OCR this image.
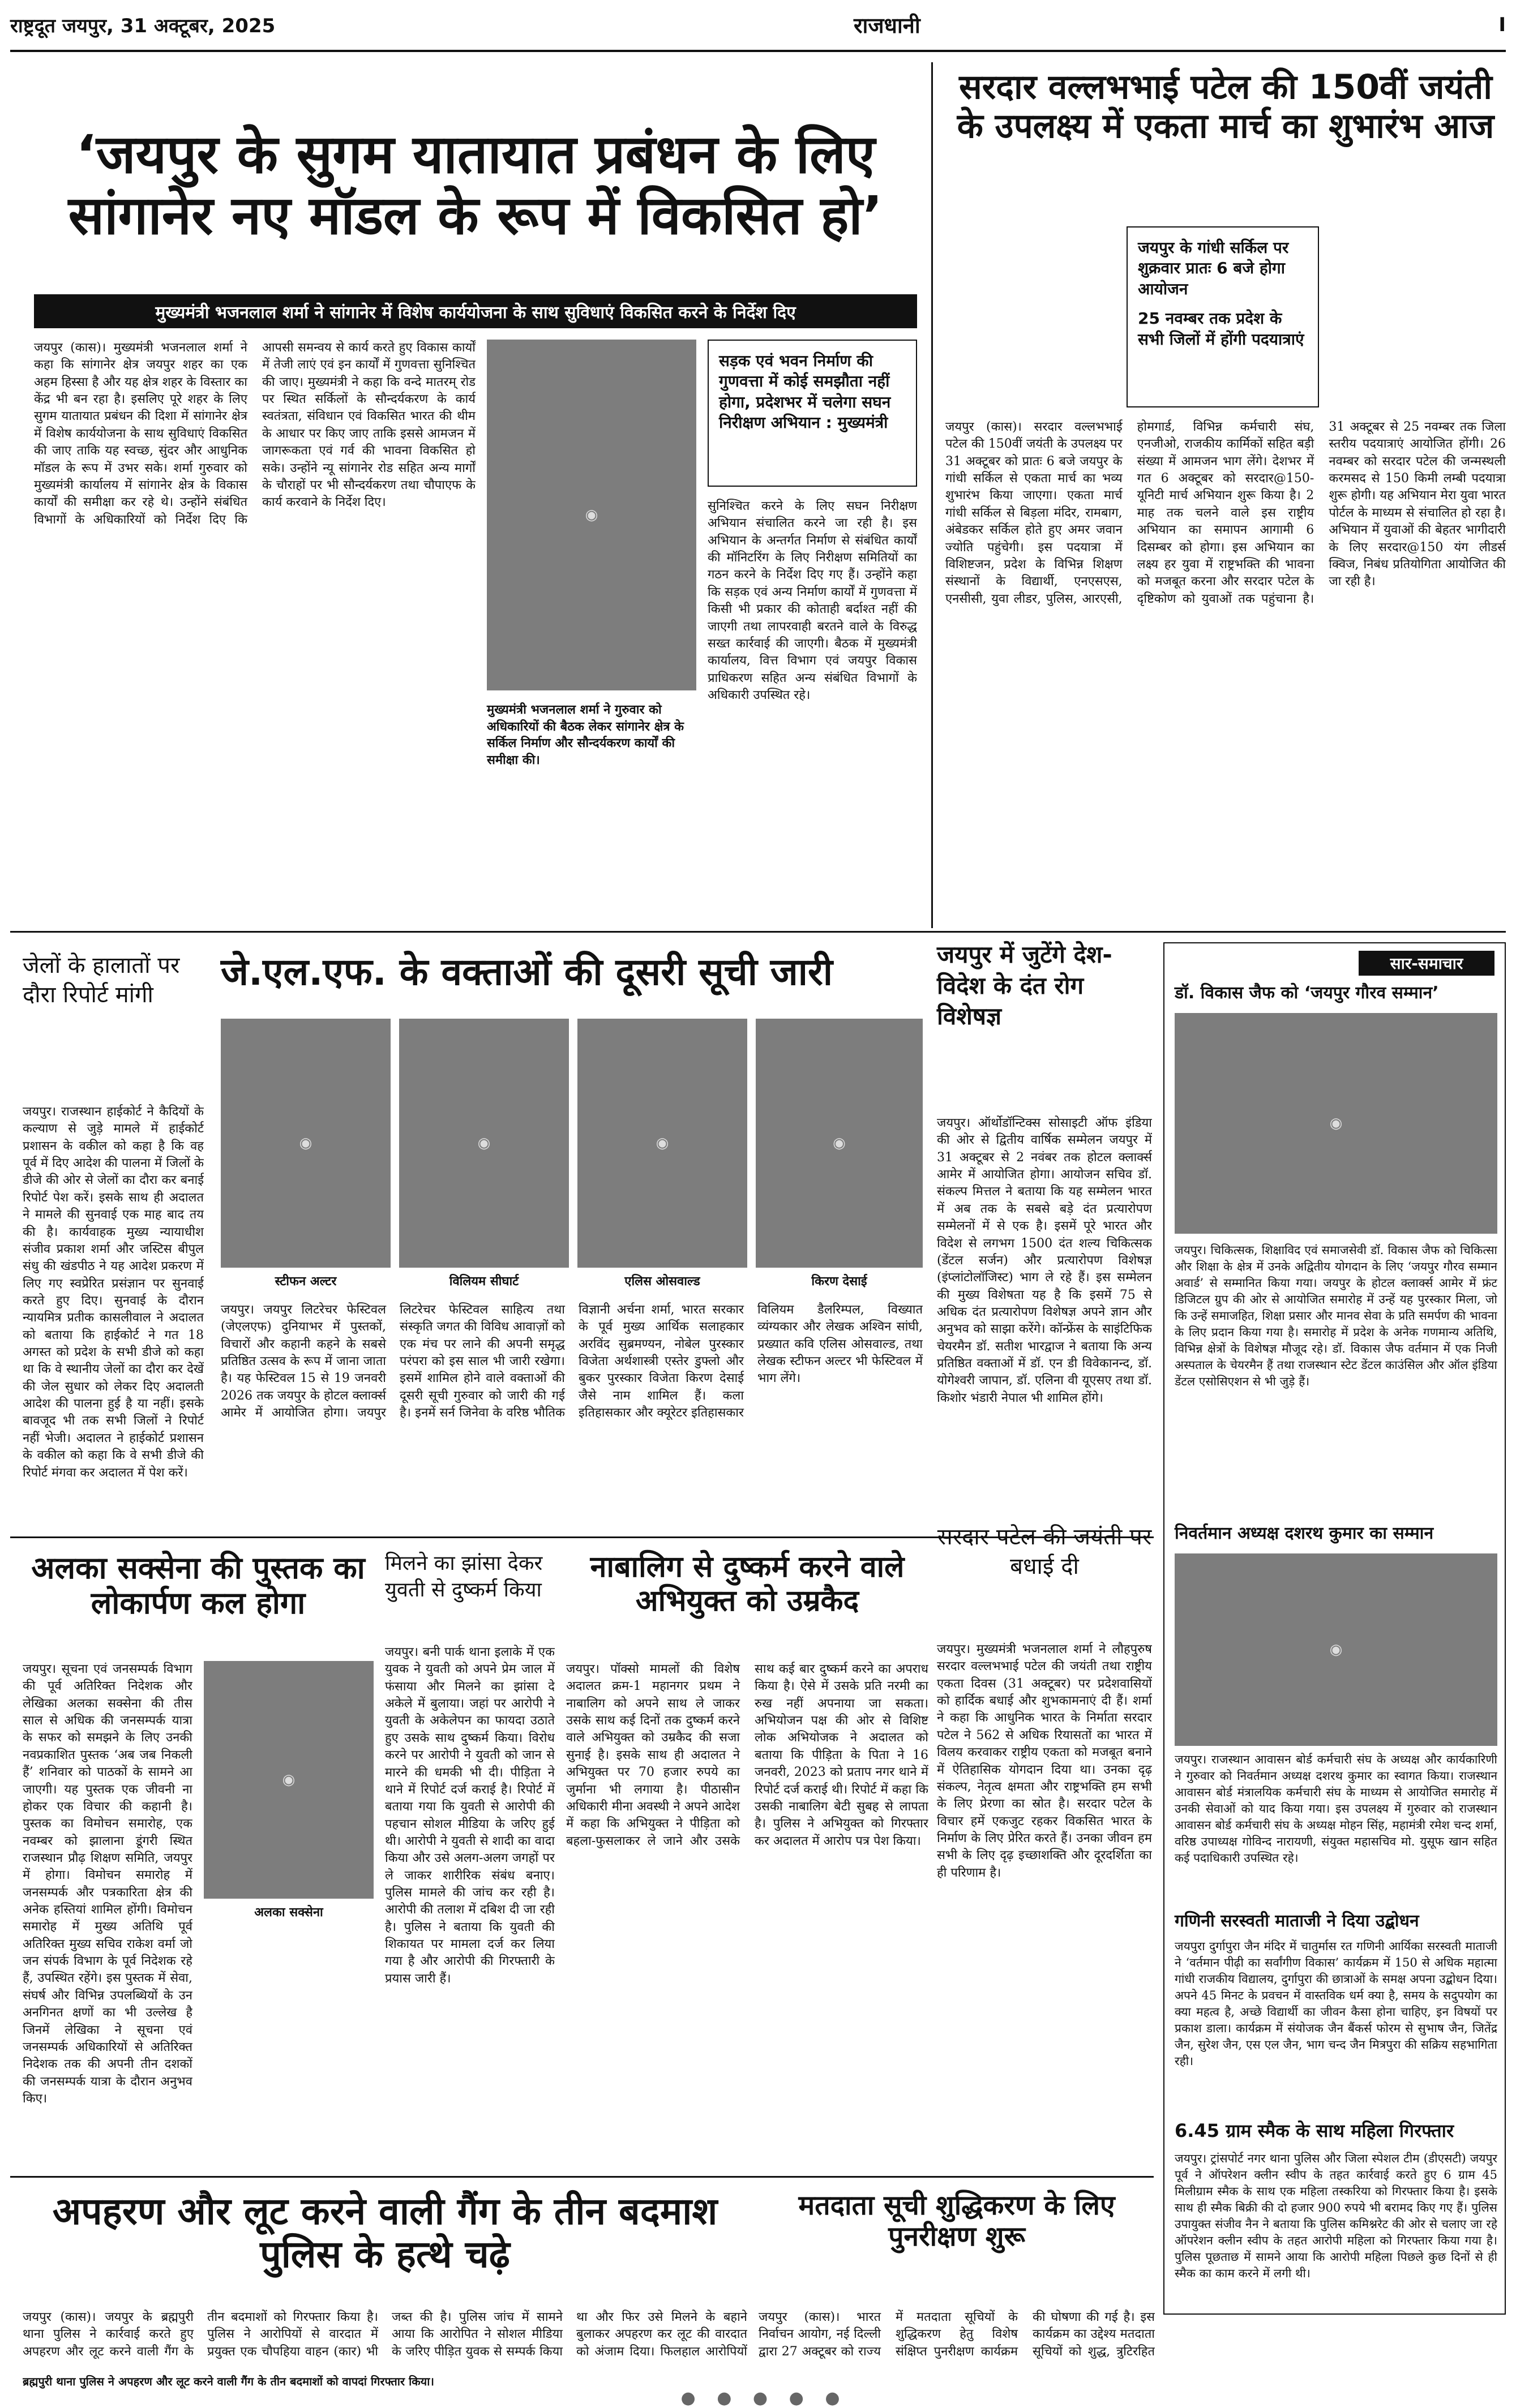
राष्ट्रदूत जयपुर, 31 अक्टूबर, 2025	राजधानी	I
‘जयपुर के सुगम यातायात प्रबंधन के लिए सांगानेर नए मॉडल के रूप में विकसित हो’
मुख्यमंत्री भजनलाल शर्मा ने सांगानेर में विशेष कार्ययोजना के साथ सुविधाएं विकसित करने के निर्देश दिए
जयपुर (कास)। मुख्यमंत्री भजनलाल शर्मा ने कहा कि सांगानेर क्षेत्र जयपुर शहर का एक अहम हिस्सा है और यह क्षेत्र शहर के विस्तार का केंद्र भी बन रहा है। इसलिए पूरे शहर के लिए सुगम यातायात प्रबंधन की दिशा में सांगानेर क्षेत्र में विशेष कार्ययोजना के साथ सुविधाएं विकसित की जाए ताकि यह स्वच्छ, सुंदर और आधुनिक मॉडल के रूप में उभर सके। शर्मा गुरुवार को मुख्यमंत्री कार्यालय में सांगानेर क्षेत्र के विकास कार्यों की समीक्षा कर रहे थे। उन्होंने संबंधित विभागों के अधिकारियों को निर्देश दिए कि आपसी समन्वय से कार्य करते हुए विकास कार्यों में तेजी लाएं एवं इन कार्यों में गुणवत्ता सुनिश्चित की जाए। मुख्यमंत्री ने कहा कि वन्दे मातरम् रोड पर स्थित सर्किलों के सौन्दर्यकरण के कार्य स्वतंत्रता, संविधान एवं विकसित भारत की थीम के आधार पर किए जाए ताकि इससे आमजन में जागरूकता एवं गर्व की भावना विकसित हो सके। उन्होंने न्यू सांगानेर रोड सहित अन्य मार्गों के चौराहों पर भी सौन्दर्यकरण तथा चौपाएफ के कार्य करवाने के निर्देश दिए।
◉
सड़क एवं भवन निर्माण की गुणवत्ता में कोई समझौता नहीं होगा, प्रदेशभर में चलेगा सघन निरीक्षण अभियान : मुख्यमंत्री
सुनिश्चित करने के लिए सघन निरीक्षण अभियान संचालित करने जा रही है। इस अभियान के अन्तर्गत निर्माण से संबंधित कार्यों की मॉनिटरिंग के लिए निरीक्षण समितियों का गठन करने के निर्देश दिए गए हैं। उन्होंने कहा कि सड़क एवं अन्य निर्माण कार्यों में गुणवत्ता में किसी भी प्रकार की कोताही बर्दाश्त नहीं की जाएगी तथा लापरवाही बरतने वाले के विरुद्ध सख्त कार्रवाई की जाएगी। बैठक में मुख्यमंत्री कार्यालय, वित्त विभाग एवं जयपुर विकास प्राधिकरण सहित अन्य संबंधित विभागों के अधिकारी उपस्थित रहे।
मुख्यमंत्री भजनलाल शर्मा ने गुरुवार को अधिकारियों की बैठक लेकर सांगानेर क्षेत्र के सर्किल निर्माण और सौन्दर्यकरण कार्यों की समीक्षा की।
सरदार वल्लभभाई पटेल की 150वीं जयंती के उपलक्ष्य में एकता मार्च का शुभारंभ आज
जयपुर के गांधी सर्किल पर शुक्रवार प्रातः 6 बजे होगा आयोजन
25 नवम्बर तक प्रदेश के सभी जिलों में होंगी पदयात्राएं
जयपुर (कास)। सरदार वल्लभभाई पटेल की 150वीं जयंती के उपलक्ष्य पर 31 अक्टूबर को प्रातः 6 बजे जयपुर के गांधी सर्किल से एकता मार्च का भव्य शुभारंभ किया जाएगा। एकता मार्च गांधी सर्किल से बिड़ला मंदिर, रामबाग, अंबेडकर सर्किल होते हुए अमर जवान ज्योति पहुंचेगी। इस पदयात्रा में विशिष्टजन, प्रदेश के विभिन्न शिक्षण संस्थानों के विद्यार्थी, एनएसएस, एनसीसी, युवा लीडर, पुलिस, आरएसी, होमगार्ड, विभिन्न कर्मचारी संघ, एनजीओ, राजकीय कार्मिकों सहित बड़ी संख्या में आमजन भाग लेंगे। देशभर में गत 6 अक्टूबर को सरदार@150-यूनिटी मार्च अभियान शुरू किया है। 2 माह तक चलने वाले इस राष्ट्रीय अभियान का समापन आगामी 6 दिसम्बर को होगा। इस अभियान का लक्ष्य हर युवा में राष्ट्रभक्ति की भावना को मजबूत करना और सरदार पटेल के दृष्टिकोण को युवाओं तक पहुंचाना है। 31 अक्टूबर से 25 नवम्बर तक जिला स्तरीय पदयात्राएं आयोजित होंगी। 26 नवम्बर को सरदार पटेल की जन्मस्थली करमसद से 150 किमी लम्बी पदयात्रा शुरू होगी। यह अभियान मेरा युवा भारत पोर्टल के माध्यम से संचालित हो रहा है। अभियान में युवाओं की बेहतर भागीदारी के लिए सरदार@150 यंग लीडर्स क्विज, निबंध प्रतियोगिता आयोजित की जा रही है।
जेलों के हालातों पर दौरा रिपोर्ट मांगी
जयपुर। राजस्थान हाईकोर्ट ने कैदियों के कल्याण से जुड़े मामले में हाईकोर्ट प्रशासन के वकील को कहा है कि वह पूर्व में दिए आदेश की पालना में जिलों के डीजे की ओर से जेलों का दौरा कर बनाई रिपोर्ट पेश करें। इसके साथ ही अदालत ने मामले की सुनवाई एक माह बाद तय की है। कार्यवाहक मुख्य न्यायाधीश संजीव प्रकाश शर्मा और जस्टिस बीपुल संधु की खंडपीठ ने यह आदेश प्रकरण में लिए गए स्वप्रेरित प्रसंज्ञान पर सुनवाई करते हुए दिए। सुनवाई के दौरान न्यायमित्र प्रतीक कासलीवाल ने अदालत को बताया कि हाईकोर्ट ने गत 18 अगस्त को प्रदेश के सभी डीजे को कहा था कि वे स्थानीय जेलों का दौरा कर देखें की जेल सुधार को लेकर दिए अदालती आदेश की पालना हुई है या नहीं। इसके बावजूद भी तक सभी जिलों ने रिपोर्ट नहीं भेजी। अदालत ने हाईकोर्ट प्रशासन के वकील को कहा कि वे सभी डीजे की रिपोर्ट मंगवा कर अदालत में पेश करें।
जे.एल.एफ. के वक्ताओं की दूसरी सूची जारी
◉	◉	◉	◉
स्टीफन अल्टर	विलियम सीघार्ट	एलिस ओसवाल्ड	किरण देसाई
जयपुर। जयपुर लिटरेचर फेस्टिवल (जेएलएफ) दुनियाभर में पुस्तकों, विचारों और कहानी कहने के सबसे प्रतिष्ठित उत्सव के रूप में जाना जाता है। यह फेस्टिवल 15 से 19 जनवरी 2026 तक जयपुर के होटल क्लार्क्स आमेर में आयोजित होगा। जयपुर लिटरेचर फेस्टिवल साहित्य तथा संस्कृति जगत की विविध आवाज़ों को एक मंच पर लाने की अपनी समृद्ध परंपरा को इस साल भी जारी रखेगा। इसमें शामिल होने वाले वक्ताओं की दूसरी सूची गुरुवार को जारी की गई है। इनमें सर्न जिनेवा के वरिष्ठ भौतिक विज्ञानी अर्चना शर्मा, भारत सरकार के पूर्व मुख्य आर्थिक सलाहकार अरविंद सुब्रमण्यन, नोबेल पुरस्कार विजेता अर्थशास्त्री एस्तेर डुफ्लो और बुकर पुरस्कार विजेता किरण देसाई जैसे नाम शामिल हैं। कला इतिहासकार और क्यूरेटर इतिहासकार विलियम डैलरिम्पल, विख्यात व्यंग्यकार और लेखक अश्विन सांघी, प्रख्यात कवि एलिस ओसवाल्ड, तथा लेखक स्टीफन अल्टर भी फेस्टिवल में भाग लेंगे।
जयपुर में जुटेंगे देश-विदेश के दंत रोग विशेषज्ञ
जयपुर। ऑर्थोडॉन्टिक्स सोसाइटी ऑफ इंडिया की ओर से द्वितीय वार्षिक सम्मेलन जयपुर में 31 अक्टूबर से 2 नवंबर तक होटल क्लार्क्स आमेर में आयोजित होगा। आयोजन सचिव डॉ. संकल्प मित्तल ने बताया कि यह सम्मेलन भारत में अब तक के सबसे बड़े दंत प्रत्यारोपण सम्मेलनों में से एक है। इसमें पूरे भारत और विदेश से लगभग 1500 दंत शल्य चिकित्सक (डेंटल सर्जन) और प्रत्यारोपण विशेषज्ञ (इंप्लांटोलॉजिस्ट) भाग ले रहे हैं। इस सम्मेलन की मुख्य विशेषता यह है कि इसमें 75 से अधिक दंत प्रत्यारोपण विशेषज्ञ अपने ज्ञान और अनुभव को साझा करेंगे। कॉन्फ्रेंस के साइंटिफिक चेयरमैन डॉ. सतीश भारद्वाज ने बताया कि अन्य प्रतिष्ठित वक्ताओं में डॉ. एन डी विवेकानन्द, डॉ. योगेश्वरी जापान, डॉ. एलिना वी यूएसए तथा डॉ. किशोर भंडारी नेपाल भी शामिल होंगे।
सार-समाचार
डॉ. विकास जैफ को ‘जयपुर गौरव सम्मान’
◉
जयपुर। चिकित्सक, शिक्षाविद एवं समाजसेवी डॉ. विकास जैफ को चिकित्सा और शिक्षा के क्षेत्र में उनके अद्वितीय योगदान के लिए ‘जयपुर गौरव सम्मान अवार्ड’ से सम्मानित किया गया। जयपुर के होटल क्लार्क्स आमेर में फ्रंट डिजिटल ग्रुप की ओर से आयोजित समारोह में उन्हें यह पुरस्कार मिला, जो कि उन्हें समाजहित, शिक्षा प्रसार और मानव सेवा के प्रति समर्पण की भावना के लिए प्रदान किया गया है। समारोह में प्रदेश के अनेक गणमान्य अतिथि, विभिन्न क्षेत्रों के विशेषज्ञ मौजूद रहे। डॉ. विकास जैफ वर्तमान में एक निजी अस्पताल के चेयरमैन हैं तथा राजस्थान स्टेट डेंटल काउंसिल और ऑल इंडिया डेंटल एसोसिएशन से भी जुड़े हैं।
निवर्तमान अध्यक्ष दशरथ कुमार का सम्मान
◉
जयपुर। राजस्थान आवासन बोर्ड कर्मचारी संघ के अध्यक्ष और कार्यकारिणी ने गुरुवार को निवर्तमान अध्यक्ष दशरथ कुमार का स्वागत किया। राजस्थान आवासन बोर्ड मंत्रालयिक कर्मचारी संघ के माध्यम से आयोजित समारोह में उनकी सेवाओं को याद किया गया। इस उपलक्ष्य में गुरुवार को राजस्थान आवासन बोर्ड कर्मचारी संघ के अध्यक्ष मोहन सिंह, महामंत्री रमेश चन्द शर्मा, वरिष्ठ उपाध्यक्ष गोविन्द नारायणी, संयुक्त महासचिव मो. युसूफ खान सहित कई पदाधिकारी उपस्थित रहे।
गणिनी सरस्वती माताजी ने दिया उद्बोधन
जयपुरा दुर्गापुरा जैन मंदिर में चातुर्मास रत गणिनी आर्यिका सरस्वती माताजी ने ‘वर्तमान पीढ़ी का सर्वांगीण विकास’ कार्यक्रम में 150 से अधिक महात्मा गांधी राजकीय विद्यालय, दुर्गापुरा की छात्राओं के समक्ष अपना उद्बोधन दिया। अपने 45 मिनट के प्रवचन में वास्तविक धर्म क्या है, समय के सदुपयोग का क्या महत्व है, अच्छे विद्यार्थी का जीवन कैसा होना चाहिए, इन विषयों पर प्रकाश डाला। कार्यक्रम में संयोजक जैन बैंकर्स फोरम से सुभाष जैन, जितेंद्र जैन, सुरेश जैन, एस एल जैन, भाग चन्द जैन मित्रपुरा की सक्रिय सहभागिता रही।
6.45 ग्राम स्मैक के साथ महिला गिरफ्तार
जयपुर। ट्रांसपोर्ट नगर थाना पुलिस और जिला स्पेशल टीम (डीएसटी) जयपुर पूर्व ने ऑपरेशन क्लीन स्वीप के तहत कार्रवाई करते हुए 6 ग्राम 45 मिलीग्राम स्मैक के साथ एक महिला तस्करिया को गिरफ्तार किया है। इसके साथ ही स्मैक बिक्री की दो हजार 900 रुपये भी बरामद किए गए हैं। पुलिस उपायुक्त संजीव नैन ने बताया कि पुलिस कमिश्नरेट की ओर से चलाए जा रहे ऑपरेशन क्लीन स्वीप के तहत आरोपी महिला को गिरफ्तार किया गया है। पुलिस पूछताछ में सामने आया कि आरोपी महिला पिछले कुछ दिनों से ही स्मैक का काम करने में लगी थी।
अलका सक्सेना की पुस्तक का लोकार्पण कल होगा
जयपुर। सूचना एवं जनसम्पर्क विभाग की पूर्व अतिरिक्त निदेशक और लेखिका अलका सक्सेना की तीस साल से अधिक की जनसम्पर्क यात्रा के सफर को समझने के लिए उनकी नवप्रकाशित पुस्तक ‘अब जब निकली हैं’ शनिवार को पाठकों के सामने आ जाएगी। यह पुस्तक एक जीवनी ना होकर एक विचार की कहानी है। पुस्तक का विमोचन समारोह, एक नवम्बर को झालाना डूंगरी स्थित राजस्थान प्रौढ़ शिक्षण समिति, जयपुर में होगा। विमोचन समारोह में जनसम्पर्क और पत्रकारिता क्षेत्र की अनेक हस्तियां शामिल होंगी। विमोचन समारोह में मुख्य अतिथि पूर्व अतिरिक्त मुख्य सचिव राकेश वर्मा जो जन संपर्क विभाग के पूर्व निदेशक रहे हैं, उपस्थित रहेंगे। इस पुस्तक में सेवा, संघर्ष और विभिन्न उपलब्धियों के उन अनगिनत क्षणों का भी उल्लेख है जिनमें लेखिका ने सूचना एवं जनसम्पर्क अधिकारियों से अतिरिक्त निदेशक तक की अपनी तीन दशकों की जनसम्पर्क यात्रा के दौरान अनुभव किए।
◉
अलका सक्सेना
मिलने का झांसा देकर युवती से दुष्कर्म किया
जयपुर। बनी पार्क थाना इलाके में एक युवक ने युवती को अपने प्रेम जाल में फंसाया और मिलने का झांसा दे अकेले में बुलाया। जहां पर आरोपी ने युवती के अकेलेपन का फायदा उठाते हुए उसके साथ दुष्कर्म किया। विरोध करने पर आरोपी ने युवती को जान से मारने की धमकी भी दी। पीड़िता ने थाने में रिपोर्ट दर्ज कराई है। रिपोर्ट में बताया गया कि युवती से आरोपी की पहचान सोशल मीडिया के जरिए हुई थी। आरोपी ने युवती से शादी का वादा किया और उसे अलग-अलग जगहों पर ले जाकर शारीरिक संबंध बनाए। पुलिस मामले की जांच कर रही है। आरोपी की तलाश में दबिश दी जा रही है। पुलिस ने बताया कि युवती की शिकायत पर मामला दर्ज कर लिया गया है और आरोपी की गिरफ्तारी के प्रयास जारी हैं।
नाबालिग से दुष्कर्म करने वाले अभियुक्त को उम्रकैद
जयपुर। पॉक्सो मामलों की विशेष अदालत क्रम-1 महानगर प्रथम ने नाबालिग को अपने साथ ले जाकर उसके साथ कई दिनों तक दुष्कर्म करने वाले अभियुक्त को उम्रकैद की सजा सुनाई है। इसके साथ ही अदालत ने अभियुक्त पर 70 हजार रुपये का जुर्माना भी लगाया है। पीठासीन अधिकारी मीना अवस्थी ने अपने आदेश में कहा कि अभियुक्त ने पीड़िता को बहला-फुसलाकर ले जाने और उसके साथ कई बार दुष्कर्म करने का अपराध किया है। ऐसे में उसके प्रति नरमी का रुख नहीं अपनाया जा सकता। अभियोजन पक्ष की ओर से विशिष्ट लोक अभियोजक ने अदालत को बताया कि पीड़िता के पिता ने 16 जनवरी, 2023 को प्रताप नगर थाने में रिपोर्ट दर्ज कराई थी। रिपोर्ट में कहा कि उसकी नाबालिग बेटी सुबह से लापता है। पुलिस ने अभियुक्त को गिरफ्तार कर अदालत में आरोप पत्र पेश किया।
सरदार पटेल की जयंती पर बधाई दी
जयपुर। मुख्यमंत्री भजनलाल शर्मा ने लौहपुरुष सरदार वल्लभभाई पटेल की जयंती तथा राष्ट्रीय एकता दिवस (31 अक्टूबर) पर प्रदेशवासियों को हार्दिक बधाई और शुभकामनाएं दी हैं। शर्मा ने कहा कि आधुनिक भारत के निर्माता सरदार पटेल ने 562 से अधिक रियासतों का भारत में विलय करवाकर राष्ट्रीय एकता को मजबूत बनाने में ऐतिहासिक योगदान दिया था। उनका दृढ़ संकल्प, नेतृत्व क्षमता और राष्ट्रभक्ति हम सभी के लिए प्रेरणा का स्रोत है। सरदार पटेल के विचार हमें एकजुट रहकर विकसित भारत के निर्माण के लिए प्रेरित करते हैं। उनका जीवन हम सभी के लिए दृढ़ इच्छाशक्ति और दूरदर्शिता का ही परिणाम है।
अपहरण और लूट करने वाली गैंग के तीन बदमाश पुलिस के हत्थे चढ़े
जयपुर (कास)। जयपुर के ब्रह्मपुरी थाना पुलिस ने कार्रवाई करते हुए अपहरण और लूट करने वाली गैंग के तीन बदमाशों को गिरफ्तार किया है। पुलिस ने आरोपियों से वारदात में प्रयुक्त एक चौपहिया वाहन (कार) भी जब्त की है। पुलिस जांच में सामने आया कि आरोपित ने सोशल मीडिया के जरिए पीड़ित युवक से सम्पर्क किया था और फिर उसे मिलने के बहाने बुलाकर अपहरण कर लूट की वारदात को अंजाम दिया। फिलहाल आरोपियों
मतदाता सूची शुद्धिकरण के लिए पुनरीक्षण शुरू
जयपुर (कास)। भारत निर्वाचन आयोग, नई दिल्ली द्वारा 27 अक्टूबर को राज्य में मतदाता सूचियों के शुद्धिकरण हेतु विशेष संक्षिप्त पुनरीक्षण कार्यक्रम की घोषणा की गई है। इस कार्यक्रम का उद्देश्य मतदाता सूचियों को शुद्ध, त्रुटिरहित
ब्रह्मपुरी थाना पुलिस ने अपहरण और लूट करने वाली गैंग के तीन बदमाशों को वापदां गिरफ्तार किया।
● ● ● ● ●
